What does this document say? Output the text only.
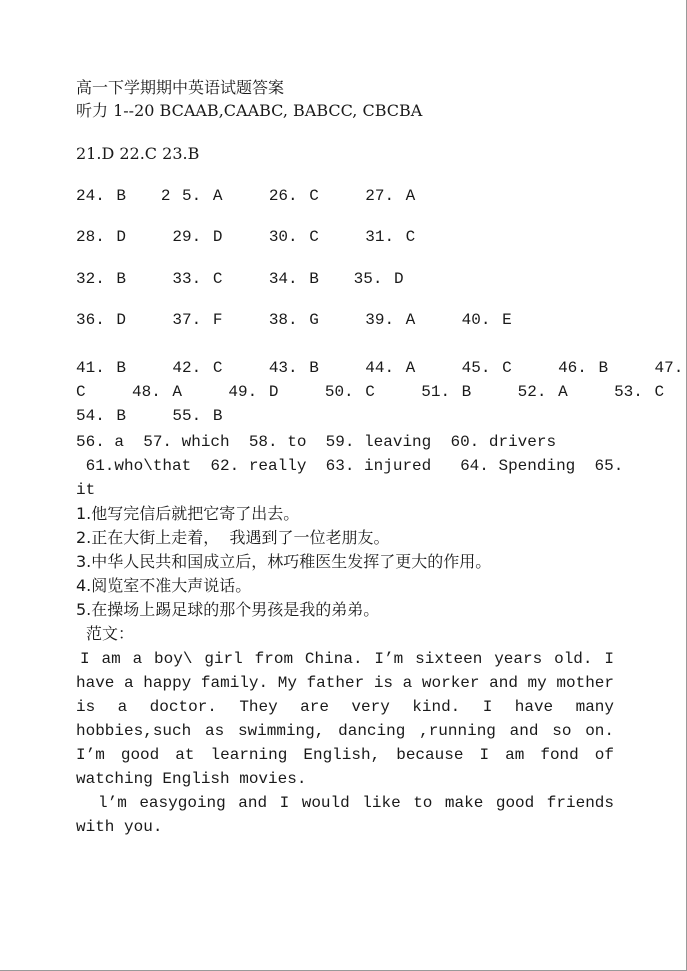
高一下学期期中英语试题答案
听力 1--20 BCAAB,CAABC, BABCC, CBCBA
21.D 22.C 23.B
24. B   2 5. A    26. C    27. A
28. D    29. D    30. C    31. C
32. B    33. C    34. B   35. D
36. D    37. F    38. G    39. A    40. E
41. B    42. C    43. B    44. A    45. C    46. B    47.
C    48. A    49. D    50. C    51. B    52. A    53. C
54. B    55. B
56. a  57. which  58. to  59. leaving  60. drivers
61.who\that  62. really  63. injured   64. Spending  65.
it
1.他写完信后就把它寄了出去。
2.正在大街上走着，  我遇到了一位老朋友。
3.中华人民共和国成立后，林巧稚医生发挥了更大的作用。
4.阅览室不准大声说话。
5.在操场上踢足球的那个男孩是我的弟弟。
范文：
I am a boy\ girl from China. I’m sixteen years old. I have a happy family. My father is a worker and my mother is a doctor. They are very kind. I have many hobbies,such as swimming, dancing ,running and so on. I’m good at learning English, because I am fond of watching English movies.
l’m easygoing and I would like to make good friends with you.
